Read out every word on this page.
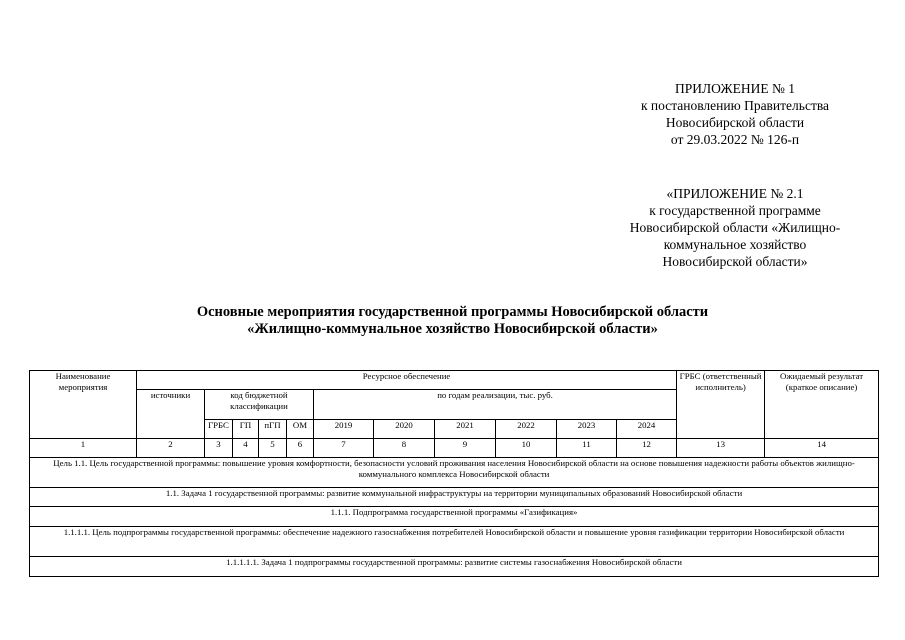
ПРИЛОЖЕНИЕ № 1
к постановлению Правительства
Новосибирской области
от 29.03.2022 № 126-п
«ПРИЛОЖЕНИЕ № 2.1
к государственной программе
Новосибирской области «Жилищно-
коммунальное хозяйство
Новосибирской области»
Основные мероприятия государственной программы Новосибирской области
«Жилищно-коммунальное хозяйство Новосибирской области»
Наименование мероприятия	Ресурсное обеспечение											ГРБС (ответственный исполнитель)	Ожидаемый результат (краткое описание)
	источники	код бюджетной классификации				по годам реализации, тыс. руб.							
		ГРБС	ГП	пГП	ОМ	2019	2020	2021	2022	2023	2024		
1	2	3	4	5	6	7	8	9	10	11	12	13	14
Цель 1.1. Цель государственной программы: повышение уровня комфортности, безопасности условий проживания населения Новосибирской области на основе повышения надежности работы объектов жилищно-коммунального комплекса Новосибирской области													
1.1. Задача 1 государственной программы: развитие коммунальной инфраструктуры на территории муниципальных образований Новосибирской области													
1.1.1. Подпрограмма государственной программы «Газификация»													
1.1.1.1. Цель подпрограммы государственной программы: обеспечение надежного газоснабжения потребителей Новосибирской области и повышение уровня газификации территории Новосибирской области													
1.1.1.1.1. Задача 1 подпрограммы государственной программы: развитие системы газоснабжения Новосибирской области													
